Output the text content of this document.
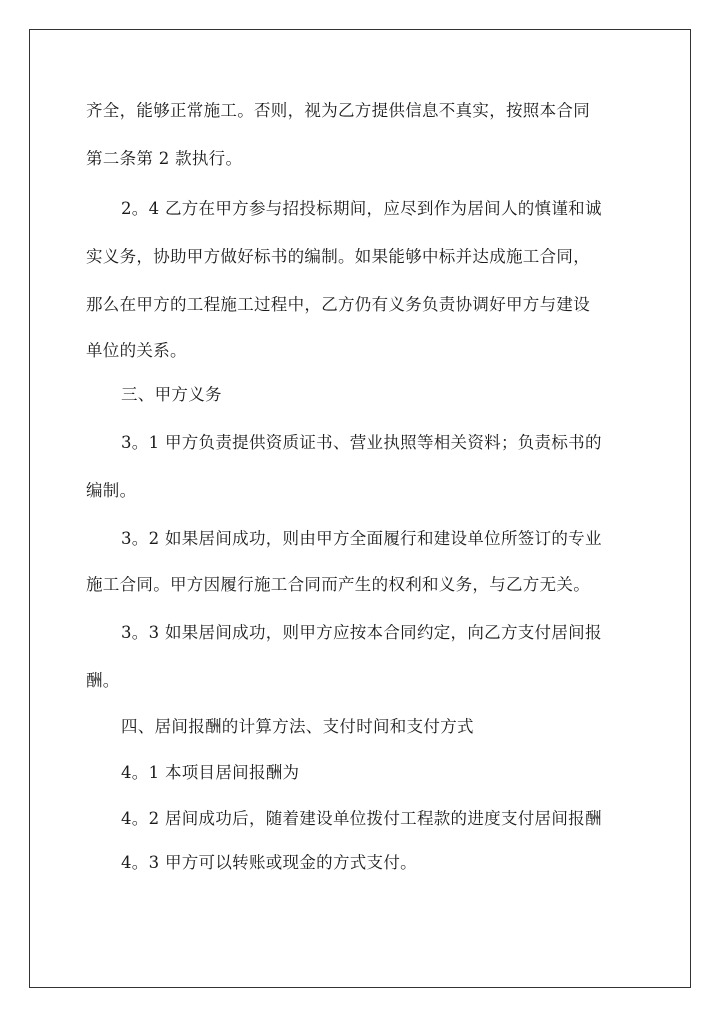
齐全，能够正常施工。否则，视为乙方提供信息不真实，按照本合同
第二条第 2 款执行。
2。4 乙方在甲方参与招投标期间，应尽到作为居间人的慎谨和诚
实义务，协助甲方做好标书的编制。如果能够中标并达成施工合同，
那么在甲方的工程施工过程中，乙方仍有义务负责协调好甲方与建设
单位的关系。
三、甲方义务
3。1 甲方负责提供资质证书、营业执照等相关资料；负责标书的
编制。
3。2 如果居间成功，则由甲方全面履行和建设单位所签订的专业
施工合同。甲方因履行施工合同而产生的权利和义务，与乙方无关。
3。3 如果居间成功，则甲方应按本合同约定，向乙方支付居间报
酬。
四、居间报酬的计算方法、支付时间和支付方式
4。1 本项目居间报酬为
4。2 居间成功后，随着建设单位拨付工程款的进度支付居间报酬
4。3 甲方可以转账或现金的方式支付。
